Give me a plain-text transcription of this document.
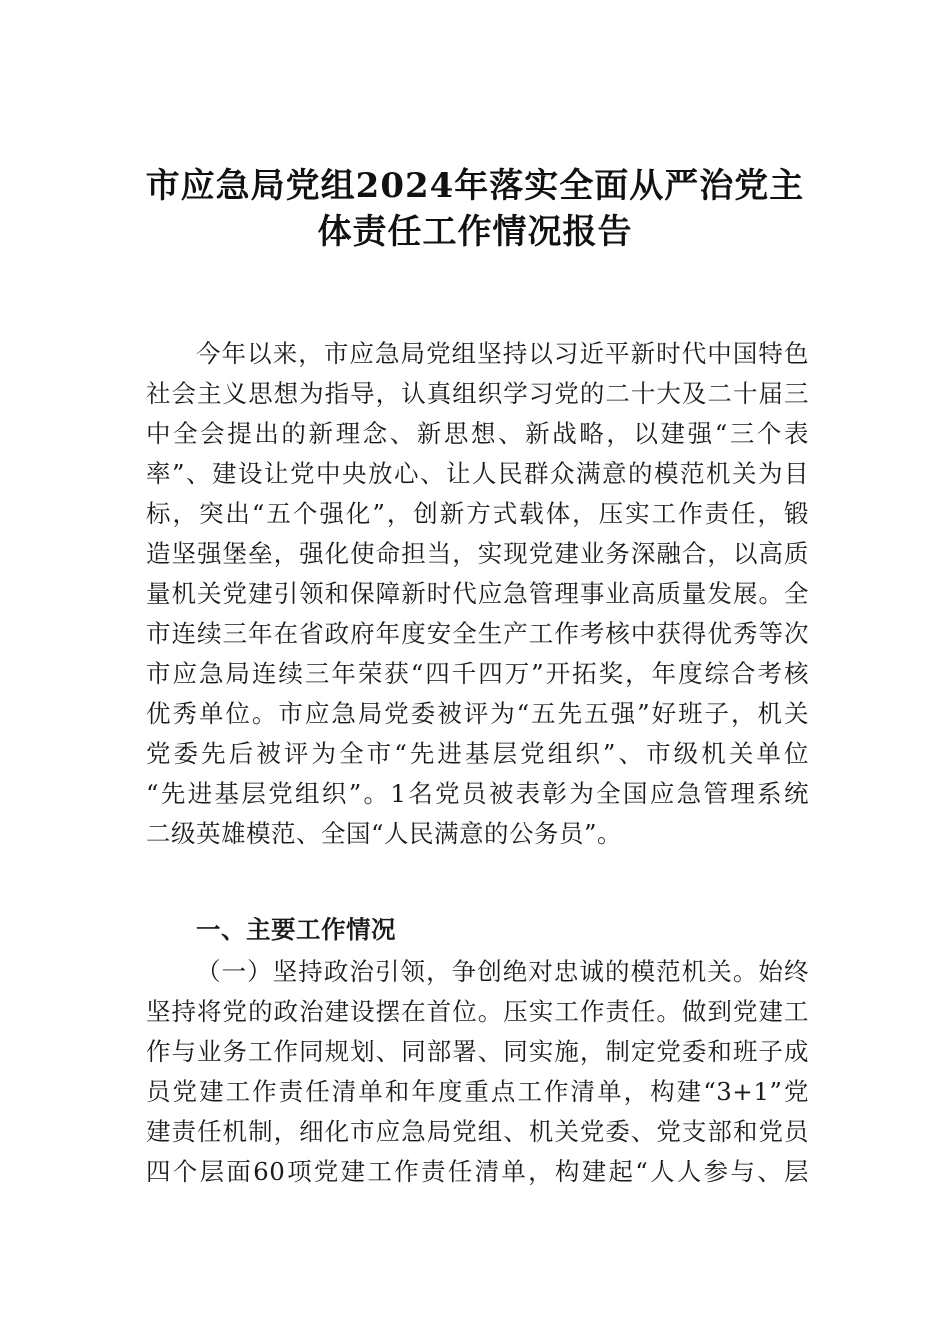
市应急局党组2024年落实全面从严治党主
体责任工作情况报告
今年以来，市应急局党组坚持以习近平新时代中国特色
社会主义思想为指导，认真组织学习党的二十大及二十届三
中全会提出的新理念、新思想、新战略，以建强“三个表
率”、建设让党中央放心、让人民群众满意的模范机关为目
标，突出“五个强化”，创新方式载体，压实工作责任，锻
造坚强堡垒，强化使命担当，实现党建业务深融合，以高质
量机关党建引领和保障新时代应急管理事业高质量发展。全
市连续三年在省政府年度安全生产工作考核中获得优秀等次
市应急局连续三年荣获“四千四万”开拓奖，年度综合考核
优秀单位。市应急局党委被评为“五先五强”好班子，机关
党委先后被评为全市“先进基层党组织”、市级机关单位
“先进基层党组织”。1名党员被表彰为全国应急管理系统
二级英雄模范、全国“人民满意的公务员”。
一、主要工作情况
（一）坚持政治引领，争创绝对忠诚的模范机关。始终
坚持将党的政治建设摆在首位。压实工作责任。做到党建工
作与业务工作同规划、同部署、同实施，制定党委和班子成
员党建工作责任清单和年度重点工作清单，构建“3+1”党
建责任机制，细化市应急局党组、机关党委、党支部和党员
四个层面60项党建工作责任清单，构建起“人人参与、层
